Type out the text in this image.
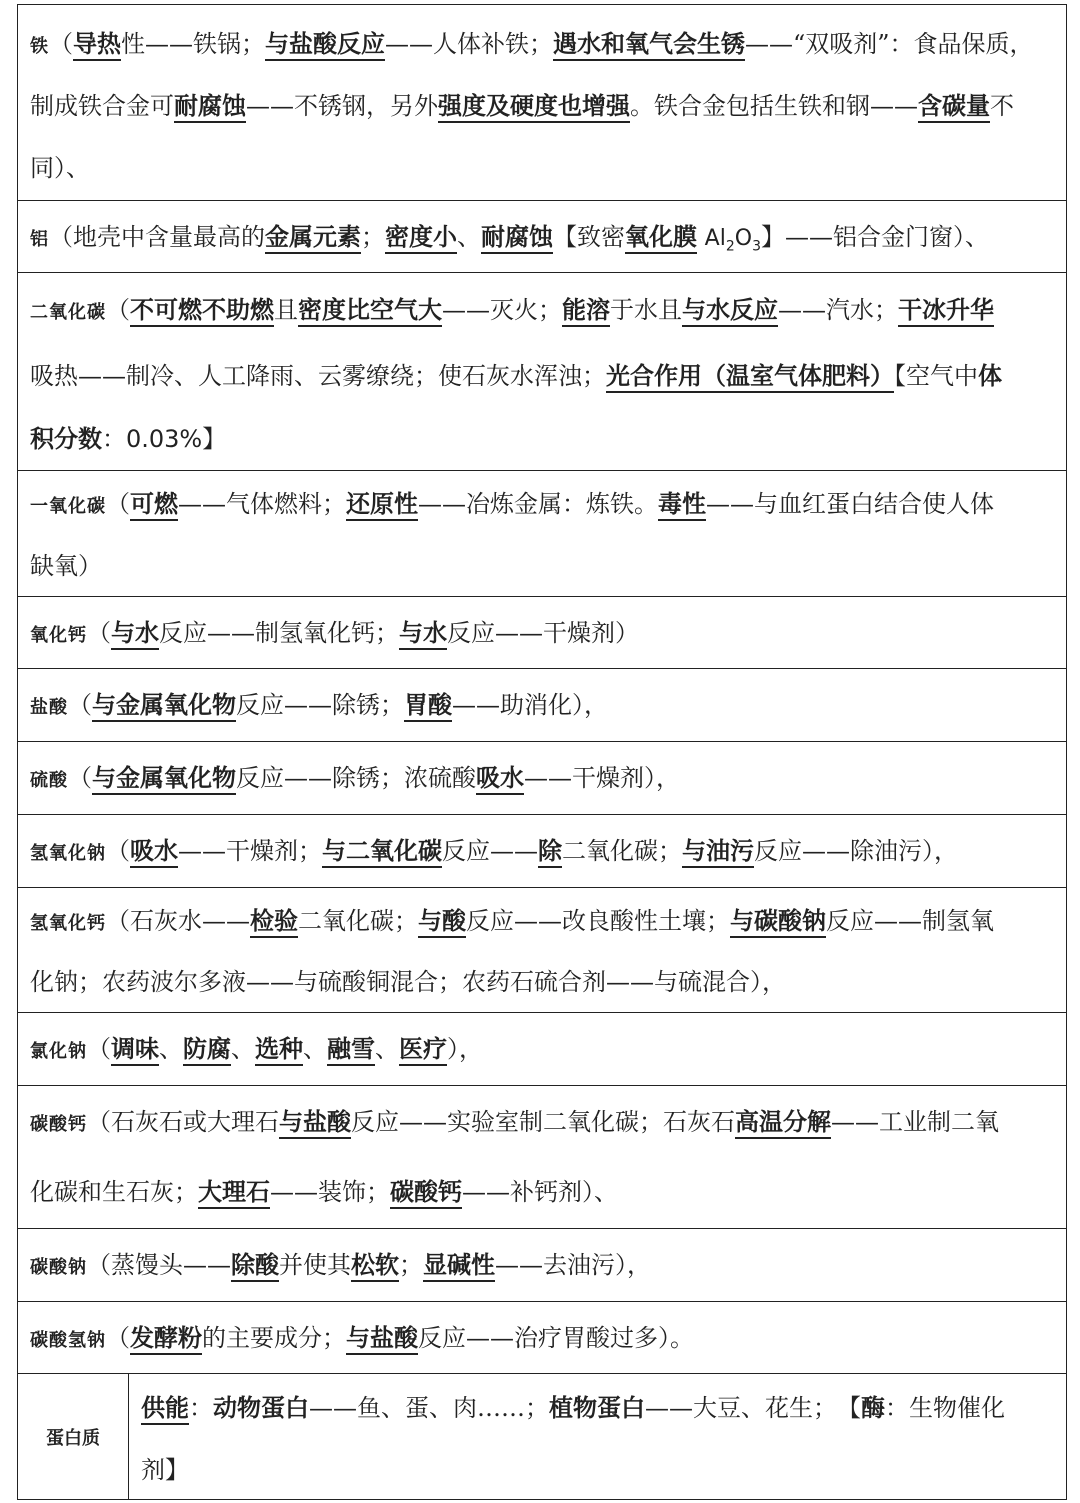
铁（导热性——铁锅；与盐酸反应——人体补铁；遇水和氧气会生锈——“双吸剂”：食品保质，
制成铁合金可耐腐蚀——不锈钢，另外强度及硬度也增强。铁合金包括生铁和钢——含碳量不
同）、
铝（地壳中含量最高的金属元素；密度小、耐腐蚀【致密氧化膜 $Al_2O_3$】——铝合金门窗）、
二氧化碳（不可燃不助燃且密度比空气大——灭火；能溶于水且与水反应——汽水；干冰升华
吸热——制冷、人工降雨、云雾缭绕；使石灰水浑浊；光合作用（温室气体肥料）【空气中体
积分数：0.03%】
一氧化碳（可燃——气体燃料；还原性——冶炼金属：炼铁。毒性——与血红蛋白结合使人体
缺氧）
氧化钙（与水反应——制氢氧化钙；与水反应——干燥剂）
盐酸（与金属氧化物反应——除锈；胃酸——助消化），
硫酸（与金属氧化物反应——除锈；浓硫酸吸水——干燥剂），
氢氧化钠（吸水——干燥剂；与二氧化碳反应——除二氧化碳；与油污反应——除油污），
氢氧化钙（石灰水——检验二氧化碳；与酸反应——改良酸性土壤；与碳酸钠反应——制氢氧
化钠；农药波尔多液——与硫酸铜混合；农药石硫合剂——与硫混合），
氯化钠（调味、防腐、选种、融雪、医疗），
碳酸钙（石灰石或大理石与盐酸反应——实验室制二氧化碳；石灰石高温分解——工业制二氧
化碳和生石灰；大理石——装饰；碳酸钙——补钙剂）、
碳酸钠（蒸馒头——除酸并使其松软；显碱性——去油污），
碳酸氢钠（发酵粉的主要成分；与盐酸反应——治疗胃酸过多）。
蛋白质
供能：动物蛋白——鱼、蛋、肉……；植物蛋白——大豆、花生；　【酶：生物催化
剂】
